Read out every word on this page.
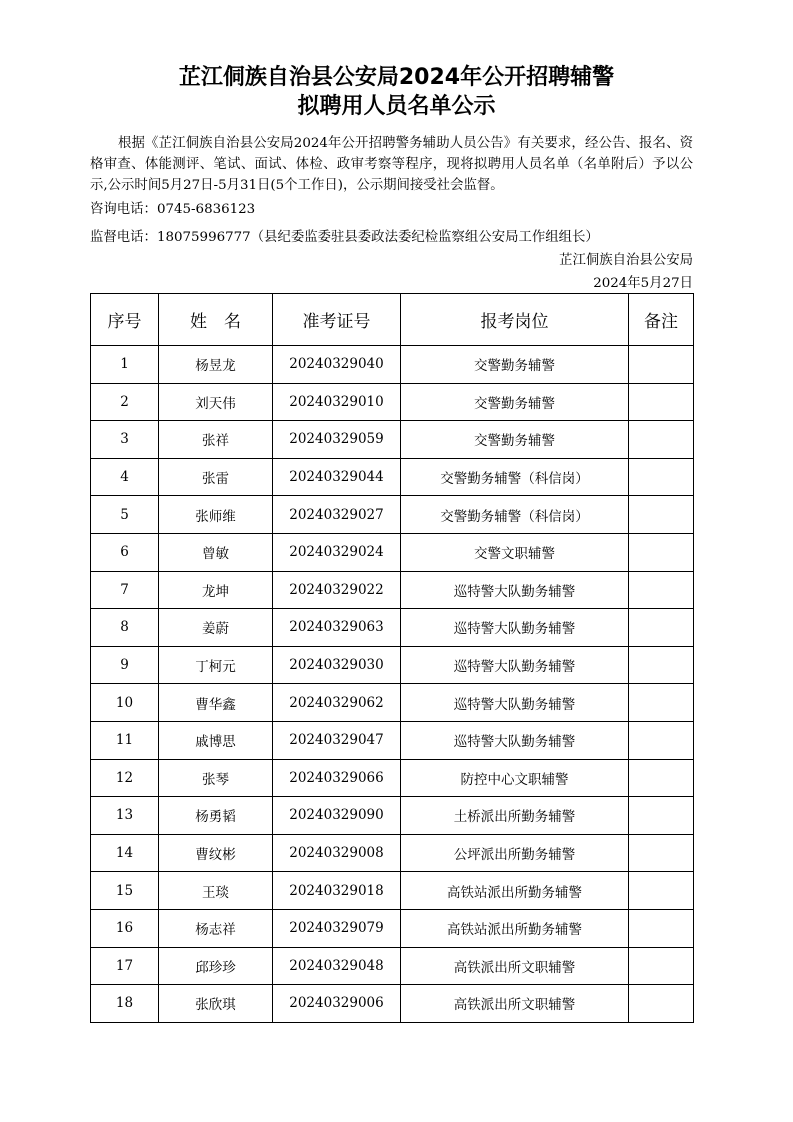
芷江侗族自治县公安局2024年公开招聘辅警
拟聘用人员名单公示
根据《芷江侗族自治县公安局2024年公开招聘警务辅助人员公告》有关要求，经公告、报名、资格审查、体能测评、笔试、面试、体检、政审考察等程序，现将拟聘用人员名单（名单附后）予以公示,公示时间5月27日-5月31日(5个工作日)，公示期间接受社会监督。
咨询电话：0745-6836123
监督电话：18075996777（县纪委监委驻县委政法委纪检监察组公安局工作组组长）
芷江侗族自治县公安局
2024年5月27日
序号	姓　名	准考证号	报考岗位	备注
1	杨昱龙	20240329040	交警勤务辅警	
2	刘天伟	20240329010	交警勤务辅警	
3	张祥	20240329059	交警勤务辅警	
4	张雷	20240329044	交警勤务辅警（科信岗）	
5	张师维	20240329027	交警勤务辅警（科信岗）	
6	曾敏	20240329024	交警文职辅警	
7	龙坤	20240329022	巡特警大队勤务辅警	
8	姜蔚	20240329063	巡特警大队勤务辅警	
9	丁柯元	20240329030	巡特警大队勤务辅警	
10	曹华鑫	20240329062	巡特警大队勤务辅警	
11	戚博思	20240329047	巡特警大队勤务辅警	
12	张琴	20240329066	防控中心文职辅警	
13	杨勇韬	20240329090	土桥派出所勤务辅警	
14	曹纹彬	20240329008	公坪派出所勤务辅警	
15	王琰	20240329018	高铁站派出所勤务辅警	
16	杨志祥	20240329079	高铁站派出所勤务辅警	
17	邱珍珍	20240329048	高铁派出所文职辅警	
18	张欣琪	20240329006	高铁派出所文职辅警	
